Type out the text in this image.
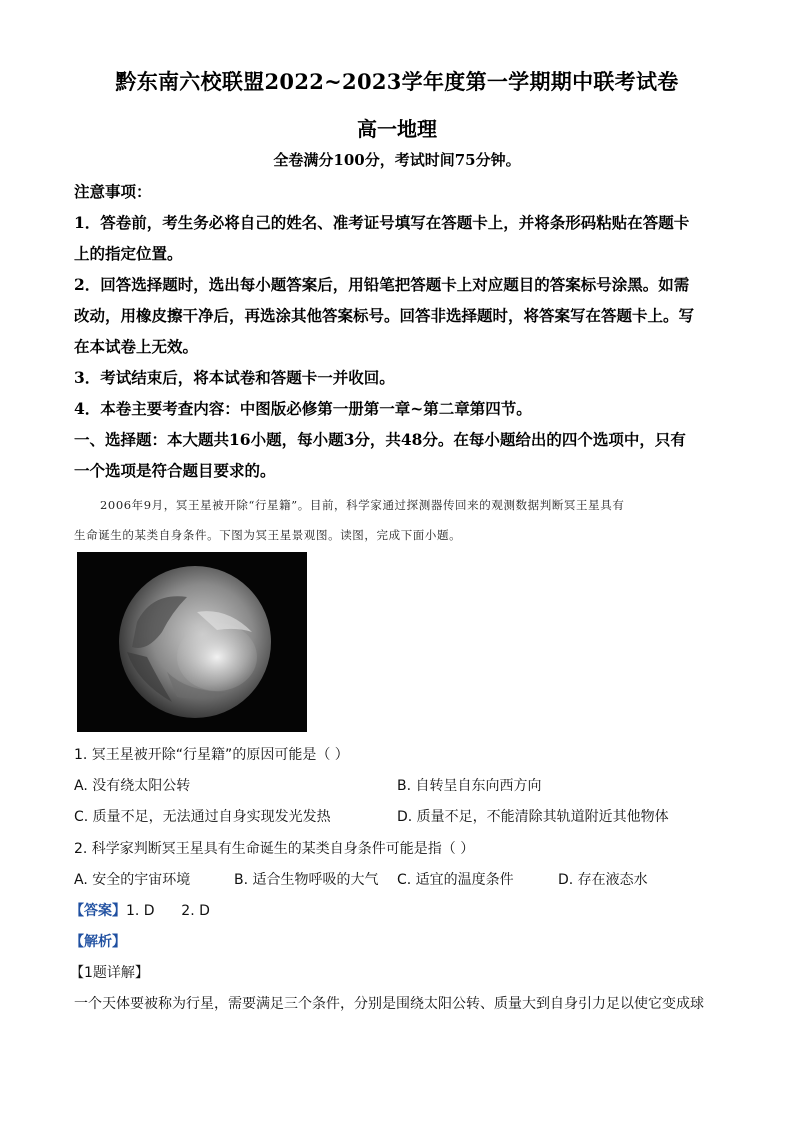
黔东南六校联盟2022~2023学年度第一学期期中联考试卷
高一地理
全卷满分100分，考试时间75分钟。
注意事项：
1．答卷前，考生务必将自己的姓名、准考证号填写在答题卡上，并将条形码粘贴在答题卡
上的指定位置。
2．回答选择题时，选出每小题答案后，用铅笔把答题卡上对应题目的答案标号涂黑。如需
改动，用橡皮擦干净后，再选涂其他答案标号。回答非选择题时，将答案写在答题卡上。写
在本试卷上无效。
3．考试结束后，将本试卷和答题卡一并收回。
4．本卷主要考查内容：中图版必修第一册第一章~第二章第四节。
一、选择题：本大题共16小题，每小题3分，共48分。在每小题给出的四个选项中，只有
一个选项是符合题目要求的。
2006年9月，冥王星被开除“行星籍”。目前，科学家通过探测器传回来的观测数据判断冥王星具有
生命诞生的某类自身条件。下图为冥王星景观图。读图，完成下面小题。
1. 冥王星被开除“行星籍”的原因可能是（ ）
A. 没有绕太阳公转	B. 自转呈自东向西方向
C. 质量不足，无法通过自身实现发光发热	D. 质量不足，不能清除其轨道附近其他物体
2. 科学家判断冥王星具有生命诞生的某类自身条件可能是指（ ）
A. 安全的宇宙环境	B. 适合生物呼吸的大气 C. 适宜的温度条件	D. 存在液态水
【答案】1. D      2. D
【解析】
【1题详解】
一个天体要被称为行星，需要满足三个条件，分别是围绕太阳公转、质量大到自身引力足以使它变成球
